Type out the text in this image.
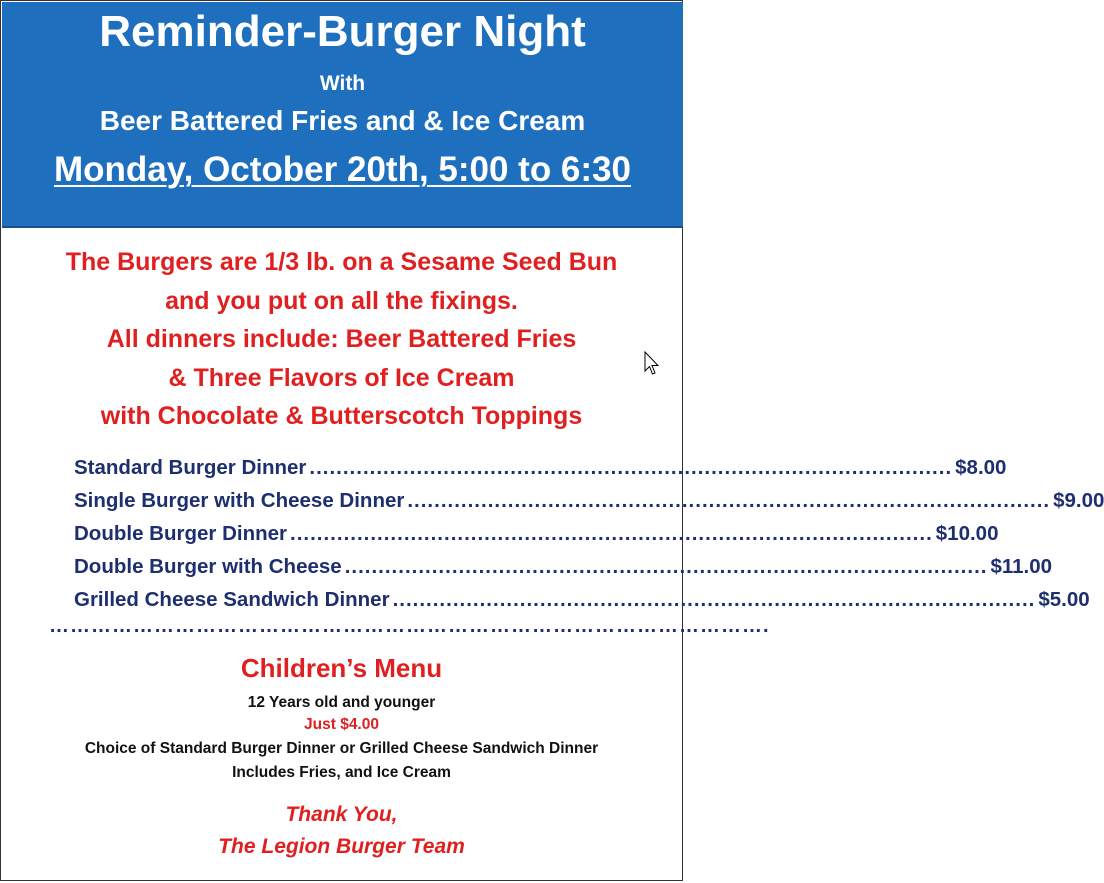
Reminder-Burger Night
With
Beer Battered Fries and & Ice Cream
Monday, October 20th, 5:00 to 6:30
The Burgers are 1/3 lb. on a Sesame Seed Bun
and you put on all the fixings.
All dinners include: Beer Battered Fries
& Three Flavors of Ice Cream
with Chocolate & Butterscotch Toppings
Standard Burger Dinner .....	$8.00
Single Burger with Cheese Dinner .....	$9.00
Double Burger Dinner .....	$10.00
Double Burger with Cheese .....	$11.00
Grilled Cheese Sandwich Dinner .....	$5.00
………………………………………………………………………………………….
Children’s Menu
12 Years old and younger
Just $4.00
Choice of Standard Burger Dinner or Grilled Cheese Sandwich Dinner
Includes Fries, and Ice Cream
Thank You,
The Legion Burger Team
